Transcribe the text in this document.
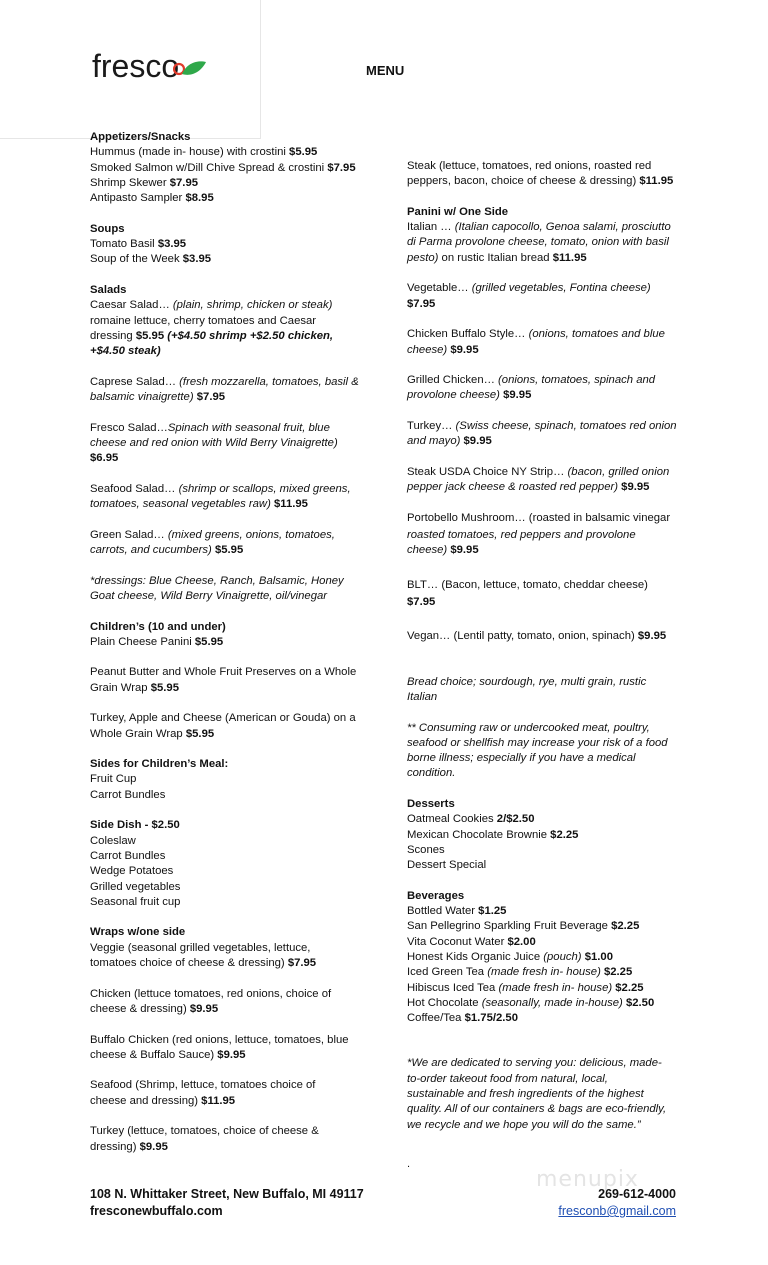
fresco	MENU

Appetizers/Snacks

Hummus (made in- house) with crostini $5.95

Smoked Salmon w/Dill Chive Spread & crostini $7.95

Shrimp Skewer $7.95

Antipasto Sampler $8.95

Soups

Tomato Basil $3.95

Soup of the Week $3.95

Salads

Caesar Salad… (plain, shrimp, chicken or steak)

romaine lettuce, cherry tomatoes and Caesar

dressing $5.95 (+$4.50 shrimp +$2.50 chicken,

+$4.50 steak)

Caprese Salad… (fresh mozzarella, tomatoes, basil &

balsamic vinaigrette) $7.95

Fresco Salad…Spinach with seasonal fruit, blue

cheese and red onion with Wild Berry Vinaigrette)

$6.95

Seafood Salad… (shrimp or scallops, mixed greens,

tomatoes, seasonal vegetables raw) $11.95

Green Salad… (mixed greens, onions, tomatoes,

carrots, and cucumbers) $5.95

*dressings: Blue Cheese, Ranch, Balsamic, Honey

Goat cheese, Wild Berry Vinaigrette, oil/vinegar

Children’s (10 and under)

Plain Cheese Panini $5.95

Peanut Butter and Whole Fruit Preserves on a Whole

Grain Wrap $5.95

Turkey, Apple and Cheese (American or Gouda) on a

Whole Grain Wrap $5.95

Sides for Children’s Meal:

Fruit Cup

Carrot Bundles

Side Dish - $2.50

Coleslaw

Carrot Bundles

Wedge Potatoes

Grilled vegetables

Seasonal fruit cup

Wraps w/one side

Veggie (seasonal grilled vegetables, lettuce,

tomatoes choice of cheese & dressing) $7.95

Chicken (lettuce tomatoes, red onions, choice of

cheese & dressing) $9.95

Buffalo Chicken (red onions, lettuce, tomatoes, blue

cheese & Buffalo Sauce) $9.95

Seafood (Shrimp, lettuce, tomatoes choice of

cheese and dressing) $11.95

Turkey (lettuce, tomatoes, choice of cheese &

dressing) $9.95

Steak (lettuce, tomatoes, red onions, roasted red

peppers, bacon, choice of cheese & dressing) $11.95

Panini w/ One Side

Italian … (Italian capocollo, Genoa salami, prosciutto

di Parma provolone cheese, tomato, onion with basil

pesto) on rustic Italian bread $11.95

Vegetable… (grilled vegetables, Fontina cheese)

$7.95

Chicken Buffalo Style… (onions, tomatoes and blue

cheese) $9.95

Grilled Chicken… (onions, tomatoes, spinach and

provolone cheese) $9.95

Turkey… (Swiss cheese, spinach, tomatoes red onion

and mayo) $9.95

Steak USDA Choice NY Strip… (bacon, grilled onion

pepper jack cheese & roasted red pepper) $9.95

Portobello Mushroom… (roasted in balsamic vinegar

roasted tomatoes, red peppers and provolone

cheese) $9.95

BLT… (Bacon, lettuce, tomato, cheddar cheese)

$7.95

Vegan… (Lentil patty, tomato, onion, spinach) $9.95

Bread choice; sourdough, rye, multi grain, rustic

Italian

** Consuming raw or undercooked meat, poultry,

seafood or shellfish may increase your risk of a food

borne illness; especially if you have a medical

condition.

Desserts

Oatmeal Cookies 2/$2.50

Mexican Chocolate Brownie $2.25

Scones

Dessert Special

Beverages

Bottled Water $1.25

San Pellegrino Sparkling Fruit Beverage $2.25

Vita Coconut Water $2.00

Honest Kids Organic Juice (pouch) $1.00

Iced Green Tea (made fresh in- house) $2.25

Hibiscus Iced Tea (made fresh in- house) $2.25

Hot Chocolate (seasonally, made in-house) $2.50

Coffee/Tea $1.75/2.50

*We are dedicated to serving you: delicious, made-

to-order takeout food from natural, local,

sustainable and fresh ingredients of the highest

quality. All of our containers & bags are eco-friendly,

we recycle and we hope you will do the same.”

.
menupix
108 N. Whittaker Street, New Buffalo, MI 49117
fresconewbuffalo.com
269-612-4000
fresconb@gmail.com
